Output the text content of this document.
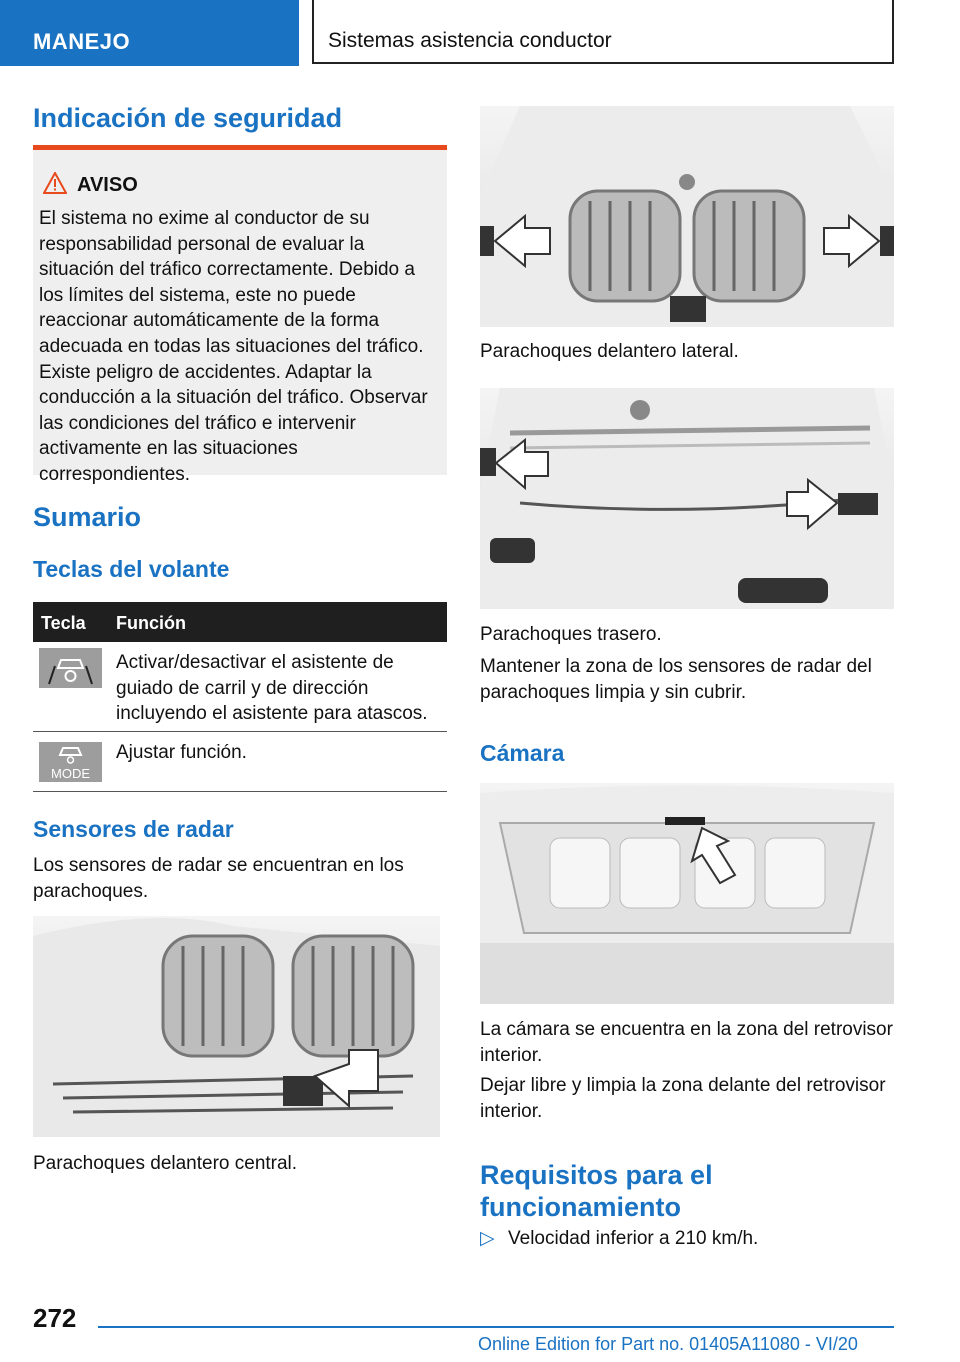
MANEJO	Sistemas asistencia conductor
Indicación de seguridad
AVISO
El sistema no exime al conductor de su responsabilidad personal de evaluar la situación del tráfico correctamente. Debido a los límites del sistema, este no puede reaccionar automáticamente de la forma adecuada en todas las situaciones del tráfico. Existe peligro de accidentes. Adaptar la conducción a la situación del tráfico. Observar las condiciones del tráfico e intervenir activamente en las situaciones correspondientes.
Sumario
Teclas del volante
Tecla Función
Activar/desactivar el asistente de guiado de carril y de dirección incluyendo el asistente para atascos.
MODE
Ajustar función.
Sensores de radar
Los sensores de radar se encuentran en los parachoques.
Parachoques delantero central.
Parachoques delantero lateral.
Parachoques trasero.
Mantener la zona de los sensores de radar del parachoques limpia y sin cubrir.
Cámara
La cámara se encuentra en la zona del retrovisor interior.
Dejar libre y limpia la zona delante del retrovisor interior.
Requisitos para el funcionamiento
▷ Velocidad inferior a 210 km/h.
272
Online Edition for Part no. 01405A11080 - VI/20
